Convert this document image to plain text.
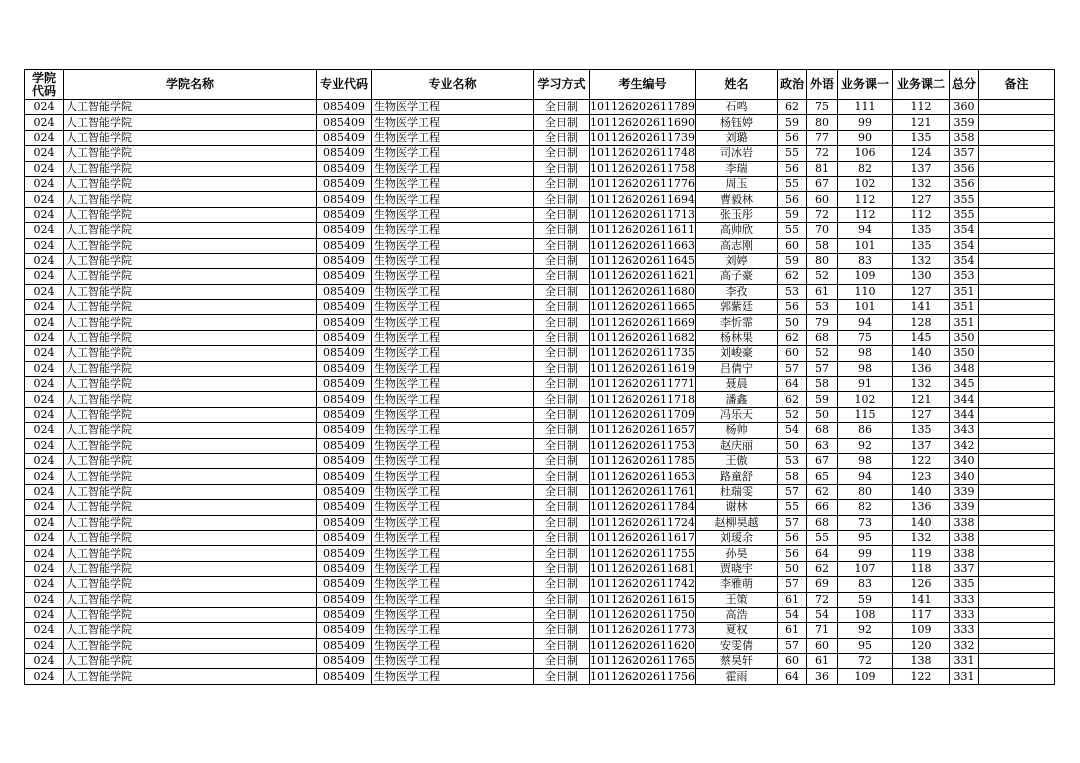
学院
代码	学院名称	专业代码	专业名称	学习方式	考生编号	姓名	政治	外语	业务课一	业务课二	总分	备注
024	人工智能学院	085409	生物医学工程	全日制	101126202611789	石鸣	62	75	111	112	360	
024	人工智能学院	085409	生物医学工程	全日制	101126202611690	杨钰婷	59	80	99	121	359	
024	人工智能学院	085409	生物医学工程	全日制	101126202611739	刘璐	56	77	90	135	358	
024	人工智能学院	085409	生物医学工程	全日制	101126202611748	司冰岩	55	72	106	124	357	
024	人工智能学院	085409	生物医学工程	全日制	101126202611758	李瑞	56	81	82	137	356	
024	人工智能学院	085409	生物医学工程	全日制	101126202611776	周玉	55	67	102	132	356	
024	人工智能学院	085409	生物医学工程	全日制	101126202611694	曹毅林	56	60	112	127	355	
024	人工智能学院	085409	生物医学工程	全日制	101126202611713	张玉彤	59	72	112	112	355	
024	人工智能学院	085409	生物医学工程	全日制	101126202611611	高帅欣	55	70	94	135	354	
024	人工智能学院	085409	生物医学工程	全日制	101126202611663	高志刚	60	58	101	135	354	
024	人工智能学院	085409	生物医学工程	全日制	101126202611645	刘婷	59	80	83	132	354	
024	人工智能学院	085409	生物医学工程	全日制	101126202611621	高子豪	62	52	109	130	353	
024	人工智能学院	085409	生物医学工程	全日制	101126202611680	李孜	53	61	110	127	351	
024	人工智能学院	085409	生物医学工程	全日制	101126202611665	郭紫廷	56	53	101	141	351	
024	人工智能学院	085409	生物医学工程	全日制	101126202611669	李忻霏	50	79	94	128	351	
024	人工智能学院	085409	生物医学工程	全日制	101126202611682	杨林果	62	68	75	145	350	
024	人工智能学院	085409	生物医学工程	全日制	101126202611735	刘峻豪	60	52	98	140	350	
024	人工智能学院	085409	生物医学工程	全日制	101126202611619	吕倩宁	57	57	98	136	348	
024	人工智能学院	085409	生物医学工程	全日制	101126202611771	聂晨	64	58	91	132	345	
024	人工智能学院	085409	生物医学工程	全日制	101126202611718	潘鑫	62	59	102	121	344	
024	人工智能学院	085409	生物医学工程	全日制	101126202611709	冯乐天	52	50	115	127	344	
024	人工智能学院	085409	生物医学工程	全日制	101126202611657	杨帅	54	68	86	135	343	
024	人工智能学院	085409	生物医学工程	全日制	101126202611753	赵庆丽	50	63	92	137	342	
024	人工智能学院	085409	生物医学工程	全日制	101126202611785	王傲	53	67	98	122	340	
024	人工智能学院	085409	生物医学工程	全日制	101126202611653	路童舒	58	65	94	123	340	
024	人工智能学院	085409	生物医学工程	全日制	101126202611761	杜瑞雯	57	62	80	140	339	
024	人工智能学院	085409	生物医学工程	全日制	101126202611784	谢林	55	66	82	136	339	
024	人工智能学院	085409	生物医学工程	全日制	101126202611724	赵柳昊越	57	68	73	140	338	
024	人工智能学院	085409	生物医学工程	全日制	101126202611617	刘瑷余	56	55	95	132	338	
024	人工智能学院	085409	生物医学工程	全日制	101126202611755	孙昊	56	64	99	119	338	
024	人工智能学院	085409	生物医学工程	全日制	101126202611681	贾晓宇	50	62	107	118	337	
024	人工智能学院	085409	生物医学工程	全日制	101126202611742	李雅萌	57	69	83	126	335	
024	人工智能学院	085409	生物医学工程	全日制	101126202611615	王策	61	72	59	141	333	
024	人工智能学院	085409	生物医学工程	全日制	101126202611750	高浩	54	54	108	117	333	
024	人工智能学院	085409	生物医学工程	全日制	101126202611773	夏权	61	71	92	109	333	
024	人工智能学院	085409	生物医学工程	全日制	101126202611620	安雯倩	57	60	95	120	332	
024	人工智能学院	085409	生物医学工程	全日制	101126202611765	蔡昊轩	60	61	72	138	331	
024	人工智能学院	085409	生物医学工程	全日制	101126202611756	霍雨	64	36	109	122	331	
